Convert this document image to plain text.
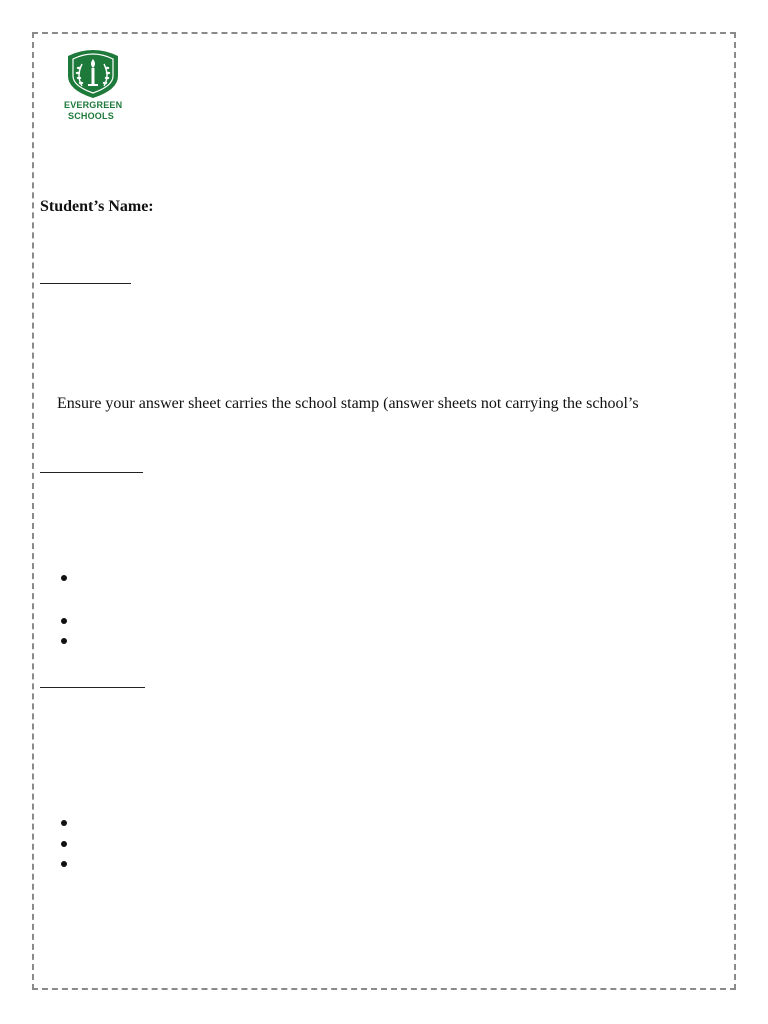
EVERGREEN
SCHOOLS
Student’s Name:
Ensure your answer sheet carries the school stamp (answer sheets not carrying the school’s
